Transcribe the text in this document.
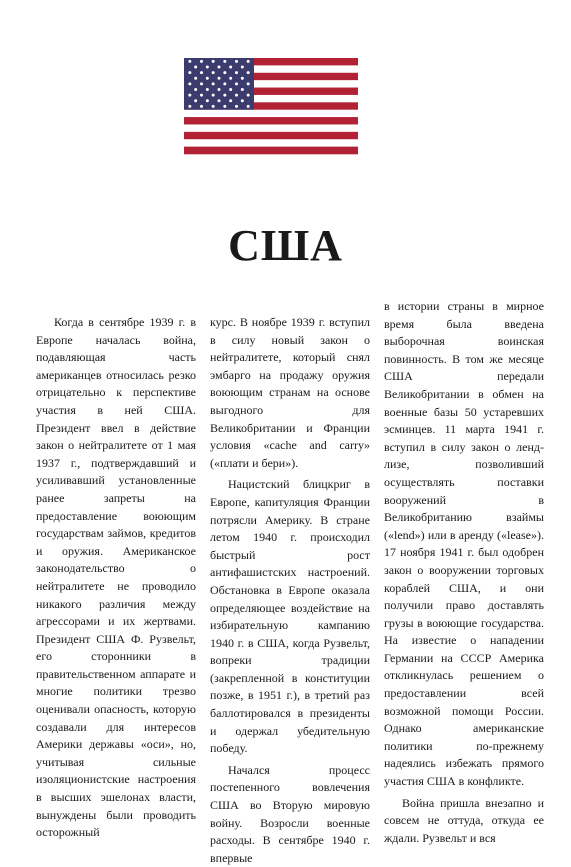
США

Когда в сентябре 1939 г. в Европе началась война, подавляющая часть американцев относилась резко отрицательно к перспективе участия в ней США. Президент ввел в действие закон о нейтралитете от 1 мая 1937 г., подтверждавший и усиливавший установленные ранее запреты на предоставление воюющим государствам займов, кредитов и оружия. Американское законодательство о нейтралитете не проводило никакого различия между агрессорами и их жертвами. Президент США Ф. Рузвельт, его сторонники в правительственном аппарате и многие политики трезво оценивали опасность, которую создавали для интересов Америки державы «оси», но, учитывая сильные изоляционистские настроения в высших эшелонах власти, вынуждены были проводить осторожный

курс. В ноябре 1939 г. вступил в силу новый закон о нейтралитете, который снял эмбарго на продажу оружия воюющим странам на основе выгодного для Великобритании и Франции условия «cache and carry» («плати и бери»).

Нацистский блицкриг в Европе, капитуляция Франции потрясли Америку. В стране летом 1940 г. происходил быстрый рост антифашистских настроений. Обстановка в Европе оказала определяющее воздействие на избирательную кампанию 1940 г. в США, когда Рузвельт, вопреки традиции (закрепленной в конституции позже, в 1951 г.), в третий раз баллотировался в президенты и одержал убедительную победу.

Начался процесс постепенного вовлечения США во Вторую мировую войну. Возросли военные расходы. В сентябре 1940 г. впервые

в истории страны в мирное время была введена выборочная воинская повинность. В том же месяце США передали Великобритании в обмен на военные базы 50 устаревших эсминцев. 11 марта 1941 г. вступил в силу закон о ленд-лизе, позволивший осуществлять поставки вооружений в Великобританию взаймы («lend») или в аренду («lease»). 17 ноября 1941 г. был одобрен закон о вооружении торговых кораблей США, и они получили право доставлять грузы в воюющие государства. На известие о нападении Германии на СССР Америка откликнулась решением о предоставлении всей возможной помощи России. Однако американские политики по-прежнему надеялись избежать прямого участия США в конфликте.

Война пришла внезапно и совсем не оттуда, откуда ее ждали. Рузвельт и вся
